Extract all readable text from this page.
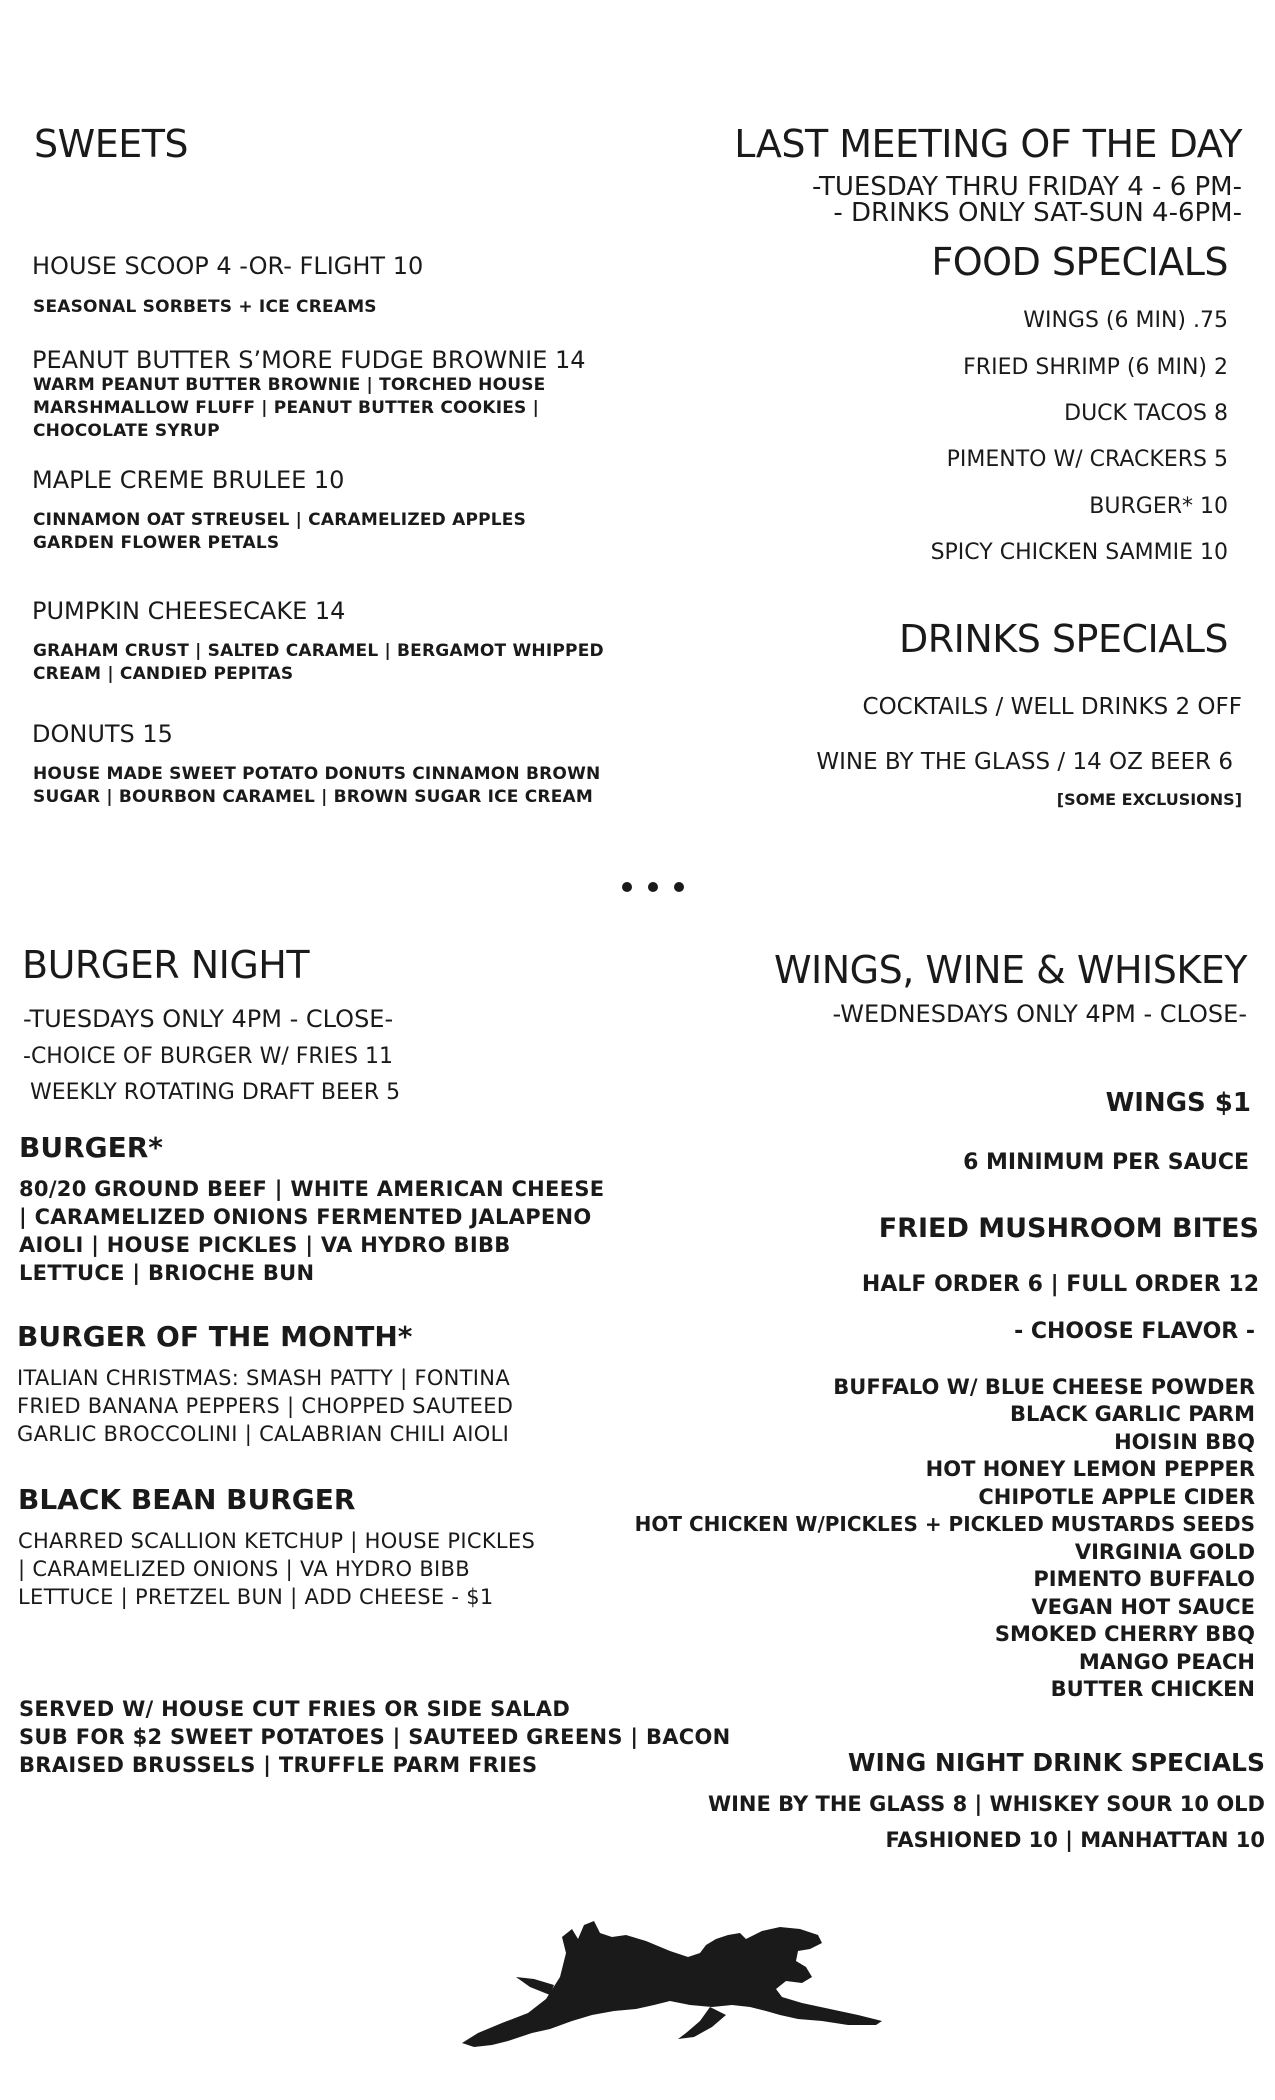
SWEETS
HOUSE SCOOP 4 -OR- FLIGHT 10
SEASONAL SORBETS + ICE CREAMS
PEANUT BUTTER S’MORE FUDGE BROWNIE 14
WARM PEANUT BUTTER BROWNIE | TORCHED HOUSE
MARSHMALLOW FLUFF | PEANUT BUTTER COOKIES |
CHOCOLATE SYRUP
MAPLE CREME BRULEE 10
CINNAMON OAT STREUSEL | CARAMELIZED APPLES
GARDEN FLOWER PETALS
PUMPKIN CHEESECAKE 14
GRAHAM CRUST | SALTED CARAMEL | BERGAMOT WHIPPED
CREAM | CANDIED PEPITAS
DONUTS 15
HOUSE MADE SWEET POTATO DONUTS CINNAMON BROWN
SUGAR | BOURBON CARAMEL | BROWN SUGAR ICE CREAM
LAST MEETING OF THE DAY
-TUESDAY THRU FRIDAY 4 - 6 PM-
- DRINKS ONLY SAT-SUN 4-6PM-
FOOD SPECIALS
WINGS (6 MIN) .75
FRIED SHRIMP (6 MIN) 2
DUCK TACOS 8
PIMENTO W/ CRACKERS 5
BURGER* 10
SPICY CHICKEN SAMMIE 10
DRINKS SPECIALS
COCKTAILS / WELL DRINKS 2 OFF
WINE BY THE GLASS / 14 OZ BEER 6
[SOME EXCLUSIONS]
BURGER NIGHT
-TUESDAYS ONLY 4PM - CLOSE-
-CHOICE OF BURGER W/ FRIES 11
WEEKLY ROTATING DRAFT BEER 5
BURGER*
80/20 GROUND BEEF | WHITE AMERICAN CHEESE
| CARAMELIZED ONIONS FERMENTED JALAPENO
AIOLI | HOUSE PICKLES | VA HYDRO BIBB
LETTUCE | BRIOCHE BUN
BURGER OF THE MONTH*
ITALIAN CHRISTMAS: SMASH PATTY | FONTINA
FRIED BANANA PEPPERS | CHOPPED SAUTEED
GARLIC BROCCOLINI | CALABRIAN CHILI AIOLI
BLACK BEAN BURGER
CHARRED SCALLION KETCHUP | HOUSE PICKLES
| CARAMELIZED ONIONS | VA HYDRO BIBB
LETTUCE | PRETZEL BUN | ADD CHEESE - $1
SERVED W/ HOUSE CUT FRIES OR SIDE SALAD
SUB FOR $2 SWEET POTATOES | SAUTEED GREENS | BACON
BRAISED BRUSSELS | TRUFFLE PARM FRIES
WINGS, WINE & WHISKEY
-WEDNESDAYS ONLY 4PM - CLOSE-
WINGS $1
6 MINIMUM PER SAUCE
FRIED MUSHROOM BITES
HALF ORDER 6 | FULL ORDER 12
- CHOOSE FLAVOR -
BUFFALO W/ BLUE CHEESE POWDER
BLACK GARLIC PARM
HOISIN BBQ
HOT HONEY LEMON PEPPER
CHIPOTLE APPLE CIDER
HOT CHICKEN W/PICKLES + PICKLED MUSTARDS SEEDS
VIRGINIA GOLD
PIMENTO BUFFALO
VEGAN HOT SAUCE
SMOKED CHERRY BBQ
MANGO PEACH
BUTTER CHICKEN
WING NIGHT DRINK SPECIALS
WINE BY THE GLASS 8 | WHISKEY SOUR 10 OLD
FASHIONED 10 | MANHATTAN 10
